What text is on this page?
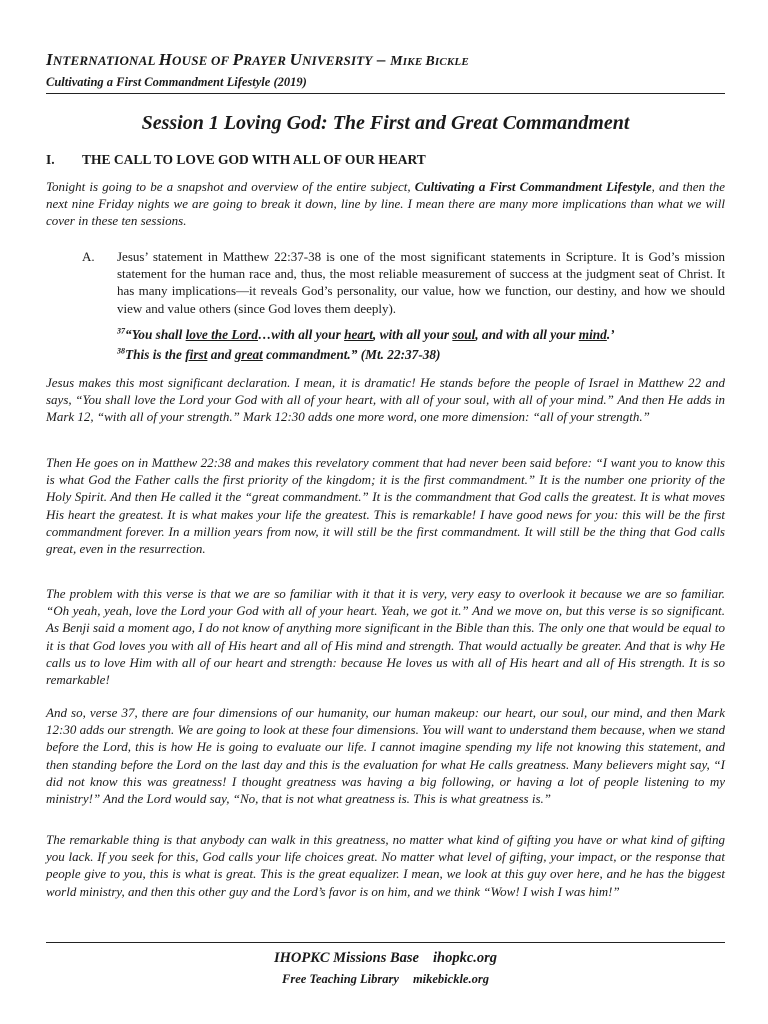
INTERNATIONAL HOUSE OF PRAYER UNIVERSITY – MIKE BICKLE
Cultivating a First Commandment Lifestyle (2019)
Session 1 Loving God: The First and Great Commandment
I. THE CALL TO LOVE GOD WITH ALL OF OUR HEART
Tonight is going to be a snapshot and overview of the entire subject, Cultivating a First Commandment Lifestyle, and then the next nine Friday nights we are going to break it down, line by line. I mean there are many more implications than what we will cover in these ten sessions.
A. Jesus’ statement in Matthew 22:37-38 is one of the most significant statements in Scripture. It is God’s mission statement for the human race and, thus, the most reliable measurement of success at the judgment seat of Christ. It has many implications—it reveals God’s personality, our value, how we function, our destiny, and how we should view and value others (since God loves them deeply).
$^{37}$“You shall love the Lord…with all your heart, with all your soul, and with all your mind.’
$^{38}$This is the first and great commandment.” (Mt. 22:37-38)
Jesus makes this most significant declaration. I mean, it is dramatic! He stands before the people of Israel in Matthew 22 and says, “You shall love the Lord your God with all of your heart, with all of your soul, with all of your mind.” And then He adds in Mark 12, “with all of your strength.” Mark 12:30 adds one more word, one more dimension: “all of your strength.”
Then He goes on in Matthew 22:38 and makes this revelatory comment that had never been said before: “I want you to know this is what God the Father calls the first priority of the kingdom; it is the first commandment.” It is the number one priority of the Holy Spirit. And then He called it the “great commandment.” It is the commandment that God calls the greatest. It is what moves His heart the greatest. It is what makes your life the greatest. This is remarkable! I have good news for you: this will be the first commandment forever. In a million years from now, it will still be the first commandment. It will still be the thing that God calls great, even in the resurrection.
The problem with this verse is that we are so familiar with it that it is very, very easy to overlook it because we are so familiar. “Oh yeah, yeah, love the Lord your God with all of your heart. Yeah, we got it.” And we move on, but this verse is so significant. As Benji said a moment ago, I do not know of anything more significant in the Bible than this. The only one that would be equal to it is that God loves you with all of His heart and all of His mind and strength. That would actually be greater. And that is why He calls us to love Him with all of our heart and strength: because He loves us with all of His heart and all of His strength. It is so remarkable!
And so, verse 37, there are four dimensions of our humanity, our human makeup: our heart, our soul, our mind, and then Mark 12:30 adds our strength. We are going to look at these four dimensions. You will want to understand them because, when we stand before the Lord, this is how He is going to evaluate our life. I cannot imagine spending my life not knowing this statement, and then standing before the Lord on the last day and this is the evaluation for what He calls greatness. Many believers might say, “I did not know this was greatness! I thought greatness was having a big following, or having a lot of people listening to my ministry!” And the Lord would say, “No, that is not what greatness is. This is what greatness is.”
The remarkable thing is that anybody can walk in this greatness, no matter what kind of gifting you have or what kind of gifting you lack. If you seek for this, God calls your life choices great. No matter what level of gifting, your impact, or the response that people give to you, this is what is great. This is the great equalizer. I mean, we look at this guy over here, and he has the biggest world ministry, and then this other guy and the Lord’s favor is on him, and we think “Wow! I wish I was him!”
IHOPKC Missions Base ihopkc.org
Free Teaching Library mikebickle.org
